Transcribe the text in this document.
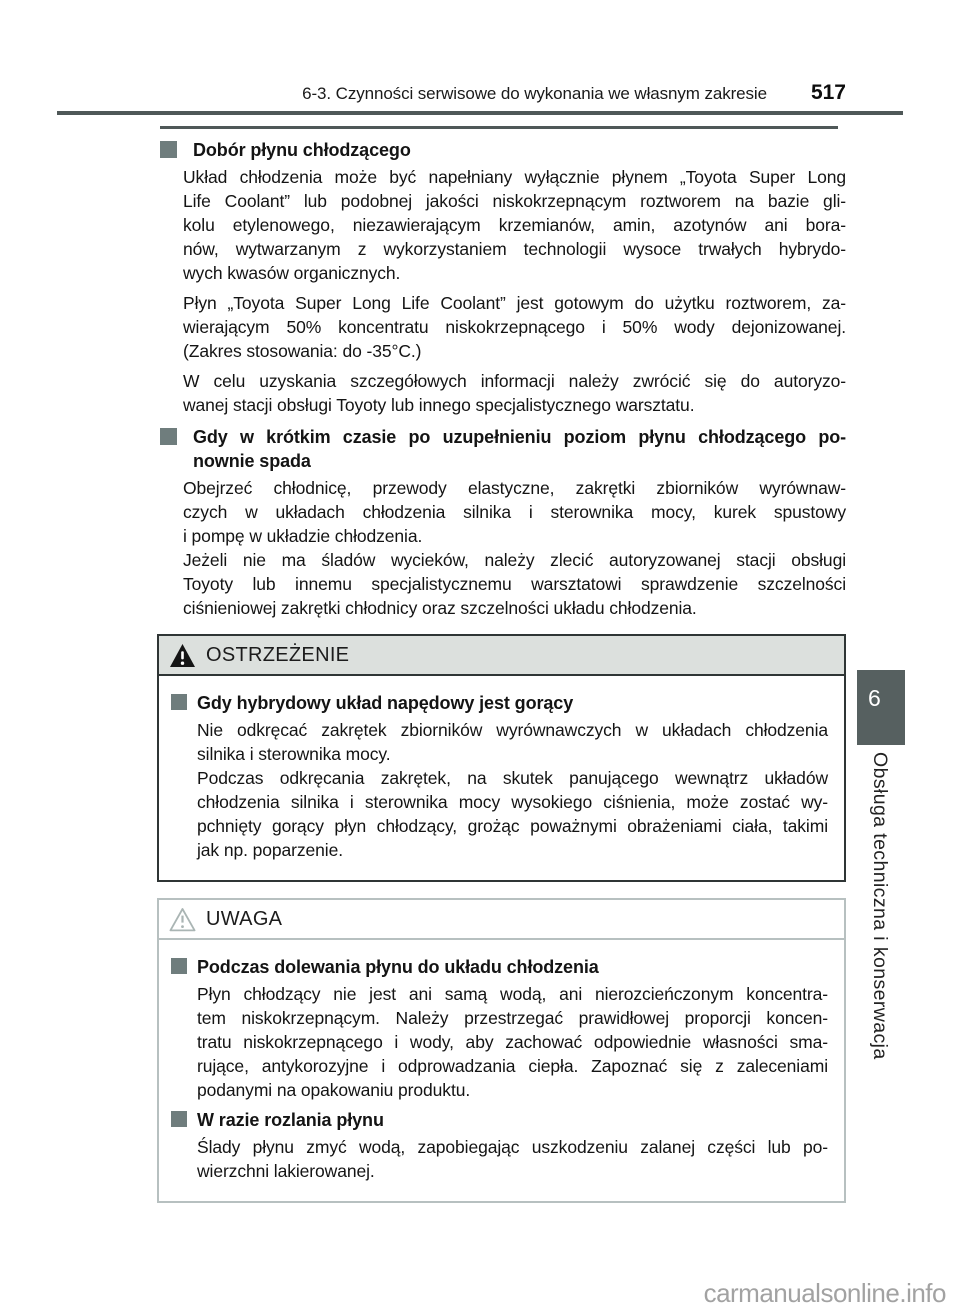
6-3. Czynności serwisowe do wykonania we własnym zakresie 517
Dobór płynu chłodzącego
Układ chłodzenia może być napełniany wyłącznie płynem „Toyota Super Long
Life Coolant” lub podobnej jakości niskokrzepnącym roztworem na bazie gli-
kolu etylenowego, niezawierającym krzemianów, amin, azotynów ani bora-
nów, wytwarzanym z wykorzystaniem technologii wysoce trwałych hybrydo-
wych kwasów organicznych.
Płyn „Toyota Super Long Life Coolant” jest gotowym do użytku roztworem, za-
wierającym 50% koncentratu niskokrzepnącego i 50% wody dejonizowanej.
(Zakres stosowania: do -35°C.)
W celu uzyskania szczegółowych informacji należy zwrócić się do autoryzo-
wanej stacji obsługi Toyoty lub innego specjalistycznego warsztatu.
Gdy w krótkim czasie po uzupełnieniu poziom płynu chłodzącego po-
nownie spada
Obejrzeć chłodnicę, przewody elastyczne, zakrętki zbiorników wyrównaw-
czych w układach chłodzenia silnika i sterownika mocy, kurek spustowy
i pompę w układzie chłodzenia.
Jeżeli nie ma śladów wycieków, należy zlecić autoryzowanej stacji obsługi
Toyoty lub innemu specjalistycznemu warsztatowi sprawdzenie szczelności
ciśnieniowej zakrętki chłodnicy oraz szczelności układu chłodzenia.
OSTRZEŻENIE
Gdy hybrydowy układ napędowy jest gorący
Nie odkręcać zakrętek zbiorników wyrównawczych w układach chłodzenia
silnika i sterownika mocy.
Podczas odkręcania zakrętek, na skutek panującego wewnątrz układów
chłodzenia silnika i sterownika mocy wysokiego ciśnienia, może zostać wy-
pchnięty gorący płyn chłodzący, grożąc poważnymi obrażeniami ciała, takimi
jak np. poparzenie.
UWAGA
Podczas dolewania płynu do układu chłodzenia
Płyn chłodzący nie jest ani samą wodą, ani nierozcieńczonym koncentra-
tem niskokrzepnącym. Należy przestrzegać prawidłowej proporcji koncen-
tratu niskokrzepnącego i wody, aby zachować odpowiednie własności sma-
rujące, antykorozyjne i odprowadzania ciepła. Zapoznać się z zaleceniami
podanymi na opakowaniu produktu.
W razie rozlania płynu
Ślady płynu zmyć wodą, zapobiegając uszkodzeniu zalanej części lub po-
wierzchni lakierowanej.
6
Obsługa techniczna i konserwacja
carmanualsonline.info
